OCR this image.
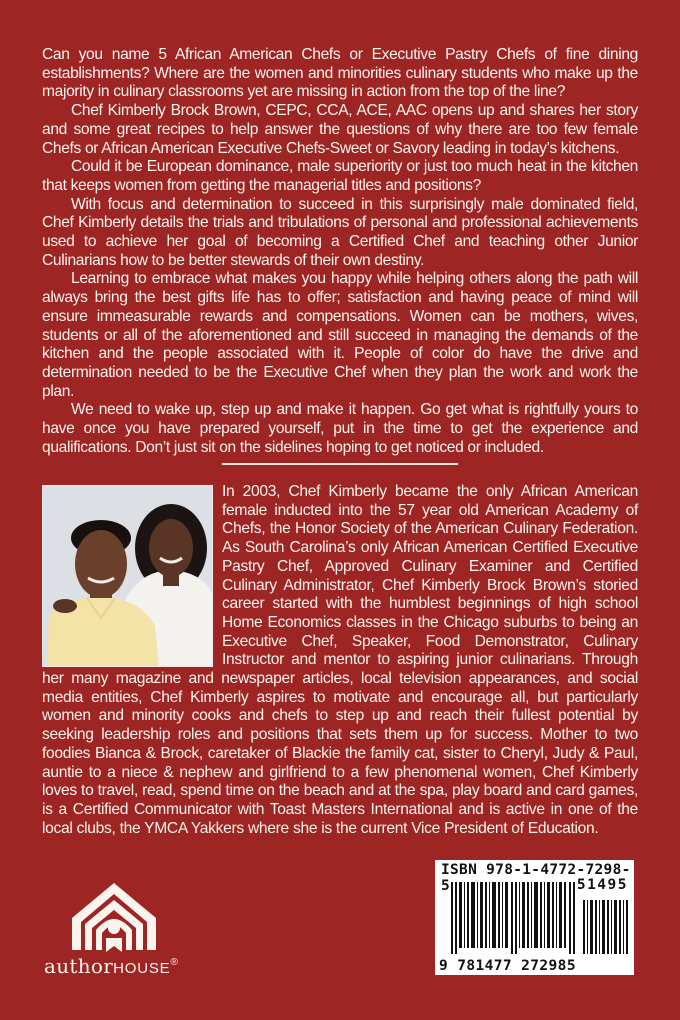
Can you name 5 African American Chefs or Executive Pastry Chefs of fine dining establishments? Where are the women and minorities culinary students who make up the majority in culinary classrooms yet are missing in action from the top of the line?

Chef Kimberly Brock Brown, CEPC, CCA, ACE, AAC opens up and shares her story and some great recipes to help answer the questions of why there are too few female Chefs or African American Executive Chefs-Sweet or Savory leading in today’s kitchens.

Could it be European dominance, male superiority or just too much heat in the kitchen that keeps women from getting the managerial titles and positions?

With focus and determination to succeed in this surprisingly male dominated field, Chef Kimberly details the trials and tribulations of personal and professional achievements used to achieve her goal of becoming a Certified Chef and teaching other Junior Culinarians how to be better stewards of their own destiny.

Learning to embrace what makes you happy while helping others along the path will always bring the best gifts life has to offer; satisfaction and having peace of mind will ensure immeasurable rewards and compensations. Women can be mothers, wives, students or all of the aforementioned and still succeed in managing the demands of the kitchen and the people associated with it. People of color do have the drive and determination needed to be the Executive Chef when they plan the work and work the plan.

We need to wake up, step up and make it happen. Go get what is rightfully yours to have once you have prepared yourself, put in the time to get the experience and qualifications. Don’t just sit on the sidelines hoping to get noticed or included.

In 2003, Chef Kimberly became the only African American female inducted into the 57 year old American Academy of Chefs, the Honor Society of the American Culinary Federation. As South Carolina’s only African American Certified Executive Pastry Chef, Approved Culinary Examiner and Certified Culinary Administrator, Chef Kimberly Brock Brown’s storied career started with the humblest beginnings of high school Home Economics classes in the Chicago suburbs to being an Executive Chef, Speaker, Food Demonstrator, Culinary Instructor and mentor to aspiring junior culinarians. Through her many magazine and newspaper articles, local television appearances, and social media entities, Chef Kimberly aspires to motivate and encourage all, but particularly women and minority cooks and chefs to step up and reach their fullest potential by seeking leadership roles and positions that sets them up for success. Mother to two foodies Bianca & Brock, caretaker of Blackie the family cat, sister to Cheryl, Judy & Paul, auntie to a niece & nephew and girlfriend to a few phenomenal women, Chef Kimberly loves to travel, read, spend time on the beach and at the spa, play board and card games, is a Certified Communicator with Toast Masters International and is active in one of the local clubs, the YMCA Yakkers where she is the current Vice President of Education.

authorHOUSE®
ISBN 978-1-4772-7298-5	51495
9 781477 272985
